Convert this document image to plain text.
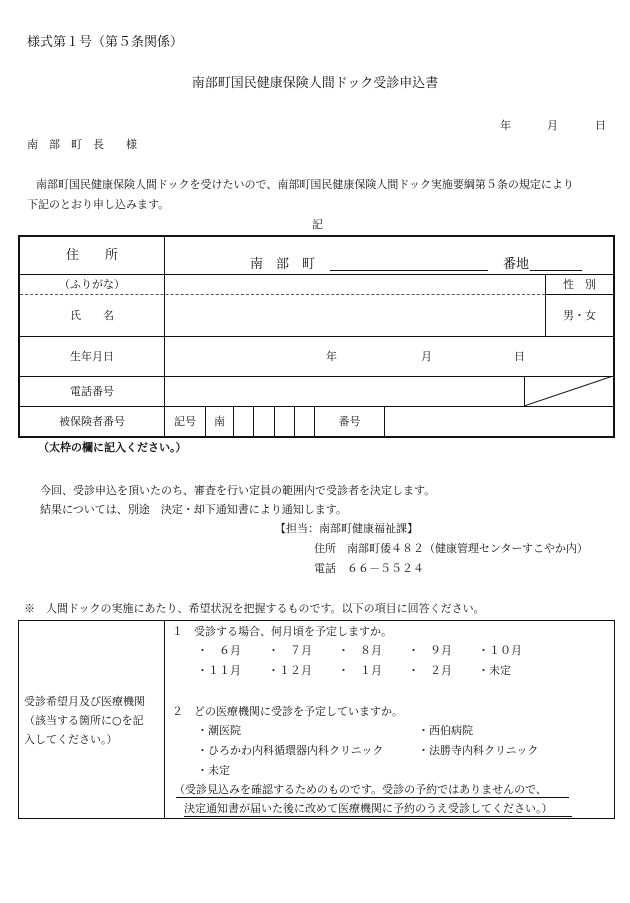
様式第１号（第５条関係）
南部町国民健康保険人間ドック受診申込書
年	月	日
南　部　町　長　　様
南部町国民健康保険人間ドックを受けたいので、南部町国民健康保険人間ドック実施要綱第５条の規定により
下記のとおり申し込みます。
記
住　　所
南　部　町	番地
（ふりがな）	性　別
氏　　名	男・女
生年月日	年	月	日
電話番号
被保険者番号	記号	南	番号
（太枠の欄に記入ください。）
今回、受診申込を頂いたのち、審査を行い定員の範囲内で受診者を決定します。
結果については、別途　決定・却下通知書により通知します。
【担当：南部町健康福祉課】
住所　南部町倭４８２（健康管理センターすこやか内）
電話　６６－５５２４
※　人間ドックの実施にあたり、希望状況を把握するものです。以下の項目に回答ください。
受診希望月及び医療機関
（該当する箇所に○を記
入してください。）
１　受診する場合、何月頃を予定しますか。
・　６月 ・　７月 ・　８月 ・　９月 ・１０月
・１１月 ・１２月 ・　１月 ・　２月 ・未定
２　どの医療機関に受診を予定していますか。
・潮医院	・西伯病院
・ひろかわ内科循環器内科クリニック	・法勝寺内科クリニック
・未定
（受診見込みを確認するためのものです。受診の予約ではありませんので、
決定通知書が届いた後に改めて医療機関に予約のうえ受診してください。）
